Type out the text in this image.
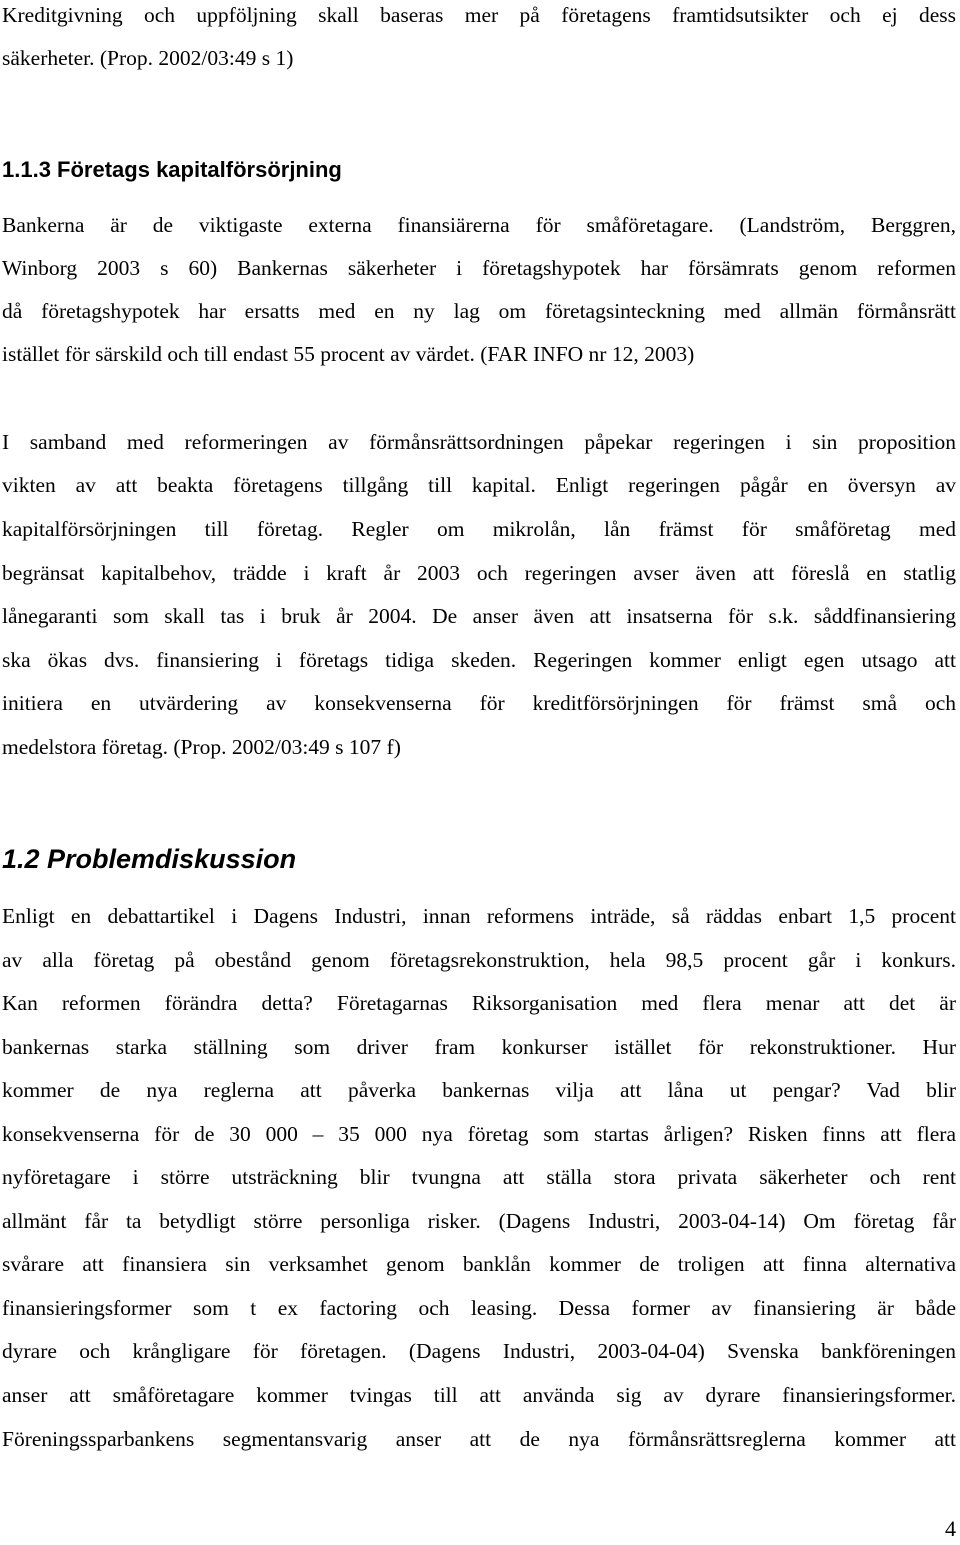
Kreditgivning och uppföljning skall baseras mer på företagens framtidsutsikter och ej dess
säkerheter. (Prop. 2002/03:49 s 1)
1.1.3 Företags kapitalförsörjning
Bankerna är de viktigaste externa finansiärerna för småföretagare. (Landström, Berggren,
Winborg 2003 s 60) Bankernas säkerheter i företagshypotek har försämrats genom reformen
då företagshypotek har ersatts med en ny lag om företagsinteckning med allmän förmånsrätt
istället för särskild och till endast 55 procent av värdet. (FAR INFO nr 12, 2003)
I samband med reformeringen av förmånsrättsordningen påpekar regeringen i sin proposition
vikten av att beakta företagens tillgång till kapital. Enligt regeringen pågår en översyn av
kapitalförsörjningen till företag. Regler om mikrolån, lån främst för småföretag med
begränsat kapitalbehov, trädde i kraft år 2003 och regeringen avser även att föreslå en statlig
lånegaranti som skall tas i bruk år 2004. De anser även att insatserna för s.k. såddfinansiering
ska ökas dvs. finansiering i företags tidiga skeden. Regeringen kommer enligt egen utsago att
initiera en utvärdering av konsekvenserna för kreditförsörjningen för främst små och
medelstora företag. (Prop. 2002/03:49 s 107 f)
1.2 Problemdiskussion
Enligt en debattartikel i Dagens Industri, innan reformens inträde, så räddas enbart 1,5 procent
av alla företag på obestånd genom företagsrekonstruktion, hela 98,5 procent går i konkurs.
Kan reformen förändra detta? Företagarnas Riksorganisation med flera menar att det är
bankernas starka ställning som driver fram konkurser istället för rekonstruktioner. Hur
kommer de nya reglerna att påverka bankernas vilja att låna ut pengar? Vad blir
konsekvenserna för de 30 000 – 35 000 nya företag som startas årligen? Risken finns att flera
nyföretagare i större utsträckning blir tvungna att ställa stora privata säkerheter och rent
allmänt får ta betydligt större personliga risker. (Dagens Industri, 2003-04-14) Om företag får
svårare att finansiera sin verksamhet genom banklån kommer de troligen att finna alternativa
finansieringsformer som t ex factoring och leasing. Dessa former av finansiering är både
dyrare och krångligare för företagen. (Dagens Industri, 2003-04-04) Svenska bankföreningen
anser att småföretagare kommer tvingas till att använda sig av dyrare finansieringsformer.
Föreningssparbankens segmentansvarig anser att de nya förmånsrättsreglerna kommer att
4
